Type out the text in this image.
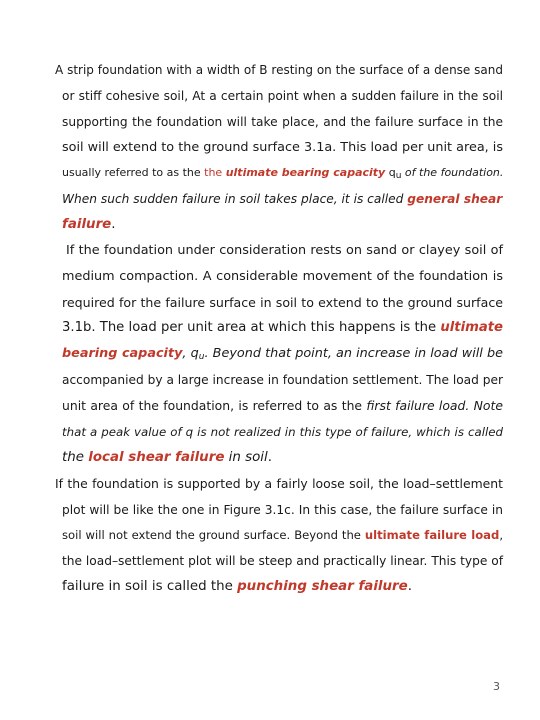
A strip foundation with a width of B resting on the surface of a dense sand
or stiff cohesive soil, At a certain point when a sudden failure in the soil
supporting the foundation will take place, and the failure surface in the
soil will extend to the ground surface 3.1a. This load per unit area, is
usually referred to as the the ultimate bearing capacity $q_u$ of the foundation.
When such sudden failure in soil takes place, it is called general shear
failure.
If the foundation under consideration rests on sand or clayey soil of
medium compaction. A considerable movement of the foundation is
required for the failure surface in soil to extend to the ground surface
3.1b. The load per unit area at which this happens is the ultimate
bearing capacity, $q_u$. Beyond that point, an increase in load will be
accompanied by a large increase in foundation settlement. The load per
unit area of the foundation, is referred to as the first failure load. Note
that a peak value of q is not realized in this type of failure, which is called
the local shear failure in soil.
If the foundation is supported by a fairly loose soil, the load–settlement
plot will be like the one in Figure 3.1c. In this case, the failure surface in
soil will not extend the ground surface. Beyond the ultimate failure load,
the load–settlement plot will be steep and practically linear. This type of
failure in soil is called the punching shear failure.
3
